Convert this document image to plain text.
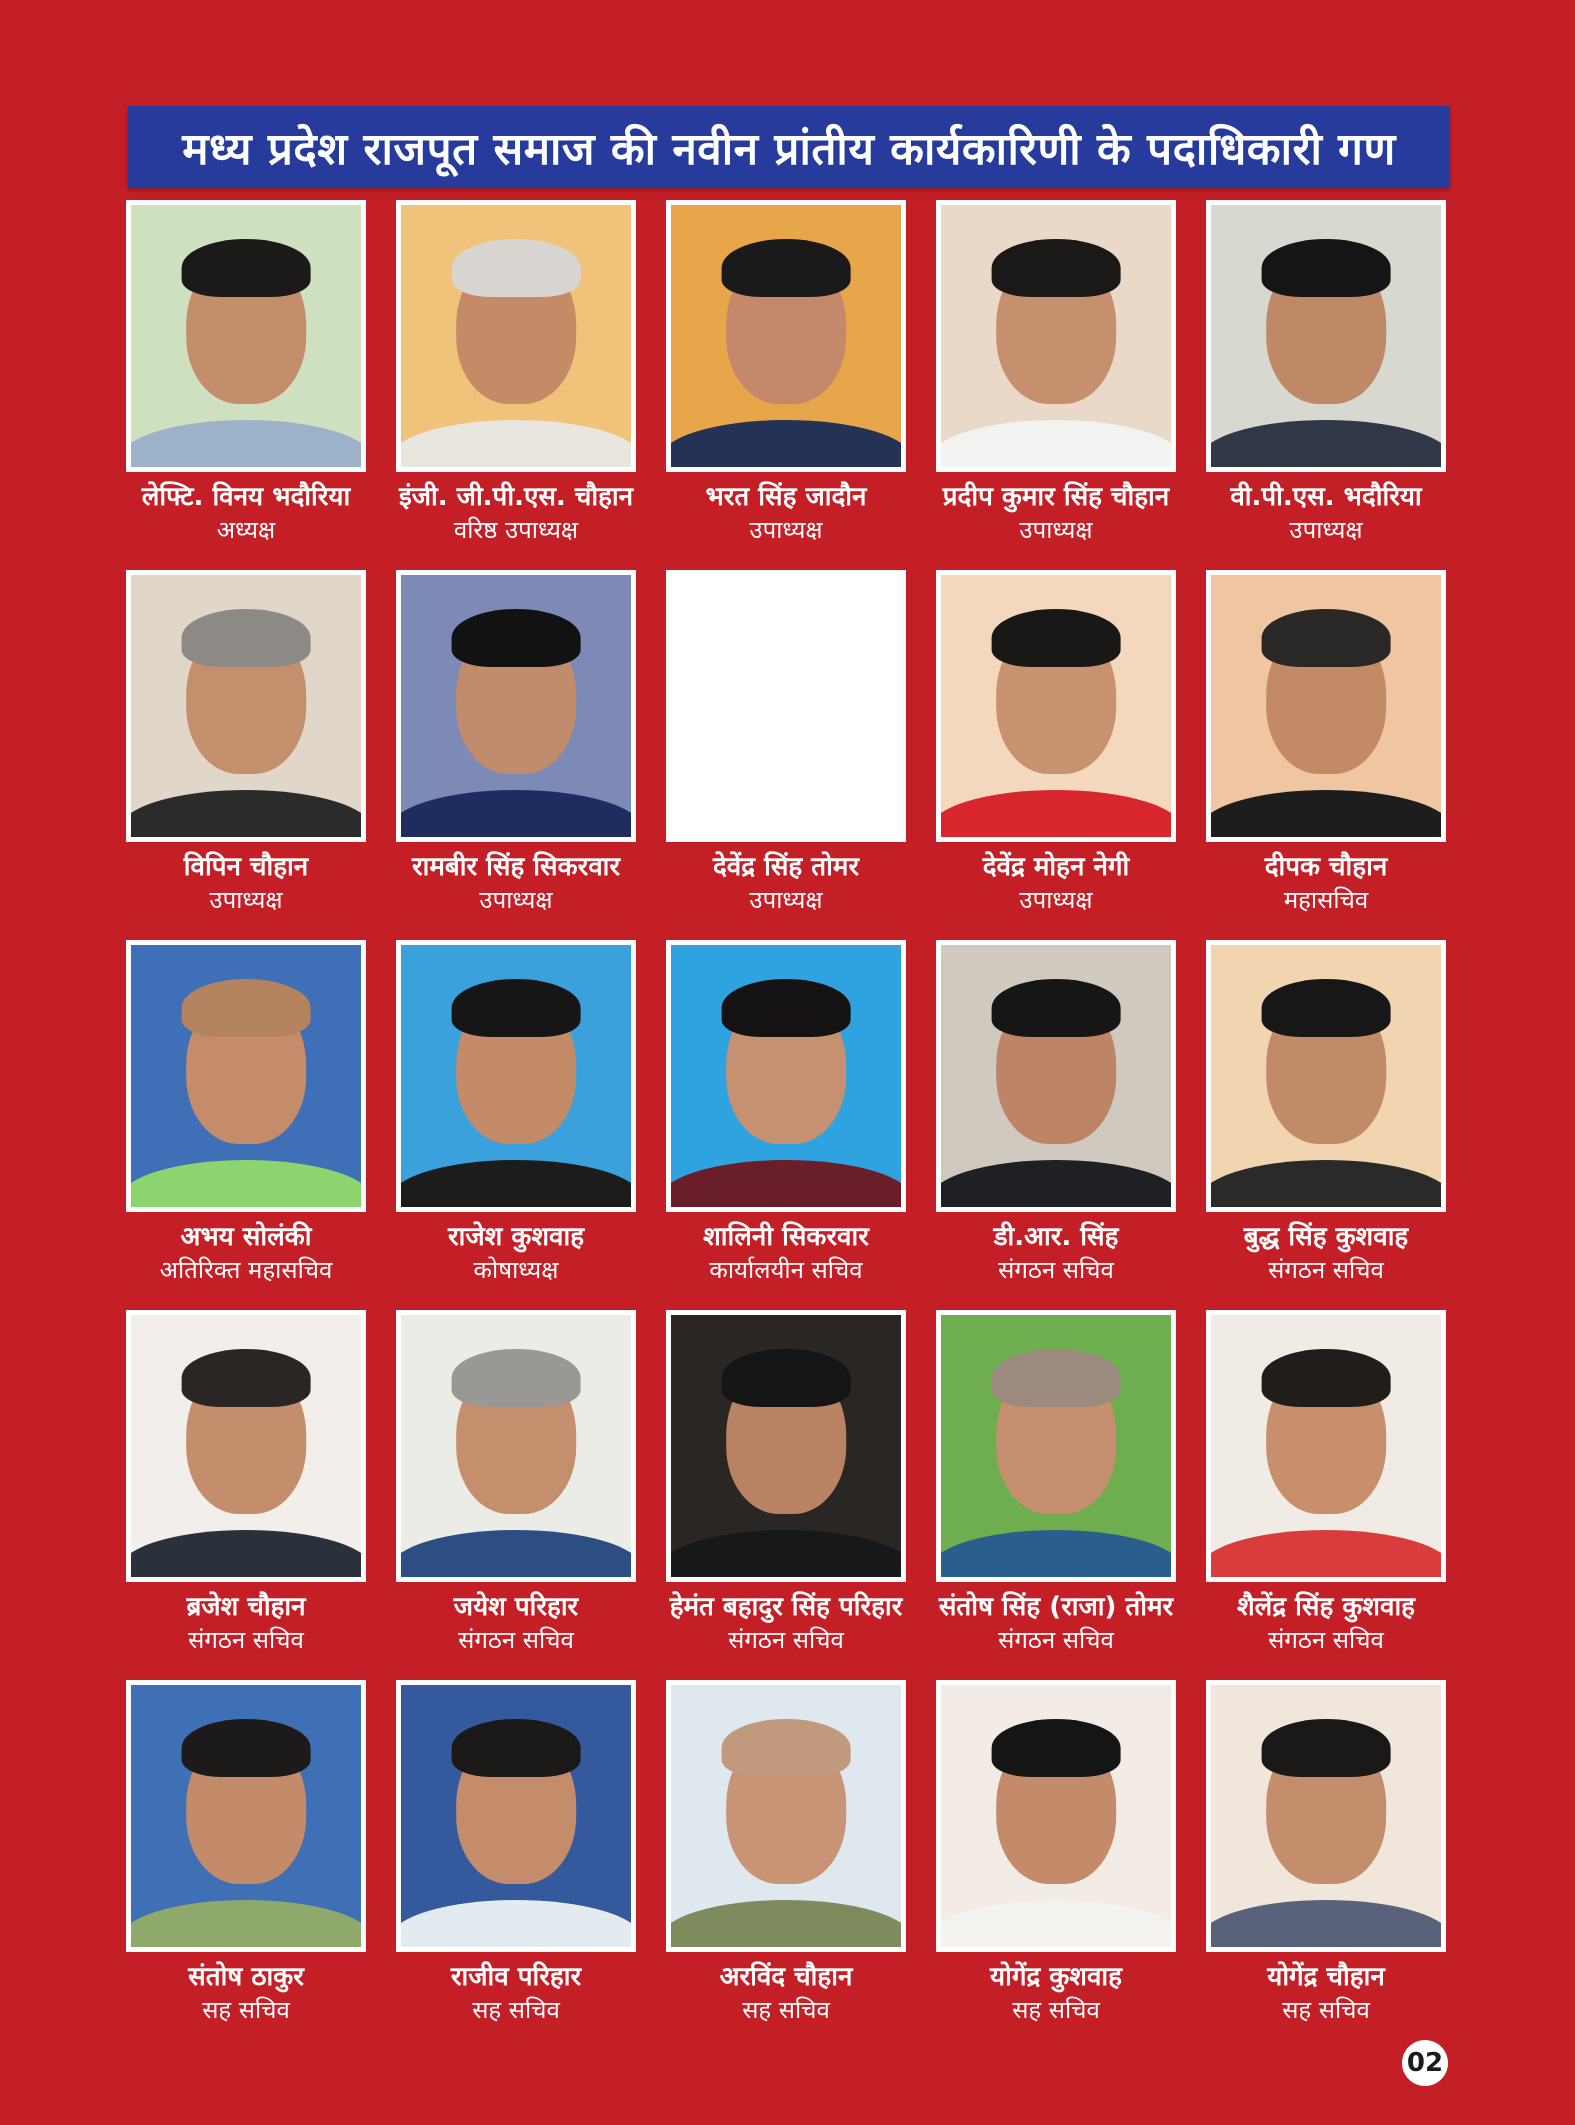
मध्य प्रदेश राजपूत समाज की नवीन प्रांतीय कार्यकारिणी के पदाधिकारी गण
लेफ्टि. विनय भदौरिया
अध्यक्ष
इंजी. जी.पी.एस. चौहान
वरिष्ठ उपाध्यक्ष
भरत सिंह जादौन
उपाध्यक्ष
प्रदीप कुमार सिंह चौहान
उपाध्यक्ष
वी.पी.एस. भदौरिया
उपाध्यक्ष
विपिन चौहान
उपाध्यक्ष
रामबीर सिंह सिकरवार
उपाध्यक्ष
देवेंद्र सिंह तोमर
उपाध्यक्ष
देवेंद्र मोहन नेगी
उपाध्यक्ष
दीपक चौहान
महासचिव
अभय सोलंकी
अतिरिक्त महासचिव
राजेश कुशवाह
कोषाध्यक्ष
शालिनी सिकरवार
कार्यालयीन सचिव
डी.आर. सिंह
संगठन सचिव
बुद्ध सिंह कुशवाह
संगठन सचिव
ब्रजेश चौहान
संगठन सचिव
जयेश परिहार
संगठन सचिव
हेमंत बहादुर सिंह परिहार
संगठन सचिव
संतोष सिंह (राजा) तोमर
संगठन सचिव
शैलेंद्र सिंह कुशवाह
संगठन सचिव
संतोष ठाकुर
सह सचिव
राजीव परिहार
सह सचिव
अरविंद चौहान
सह सचिव
योगेंद्र कुशवाह
सह सचिव
योगेंद्र चौहान
सह सचिव
02
